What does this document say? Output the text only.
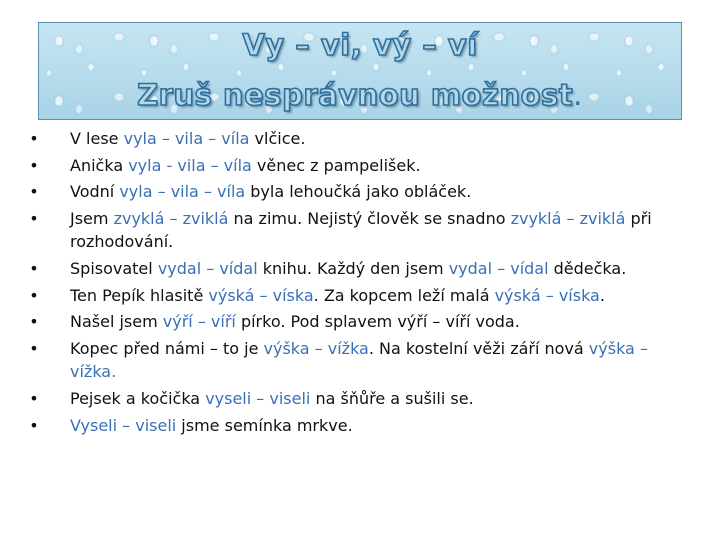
Vy – vi, vý – ví
Zruš nesprávnou možnost.
• V lese vyla – vila – víla vlčice.
• Anička vyla - vila – víla věnec z pampelišek.
• Vodní vyla – vila – víla byla lehoučká jako obláček.
• Jsem zvyklá – zviklá na zimu. Nejistý člověk se snadno zvyklá – zviklá při rozhodování.
• Spisovatel vydal – vídal knihu. Každý den jsem vydal – vídal dědečka.
• Ten Pepík hlasitě výská – víska. Za kopcem leží malá výská – víska.
• Našel jsem výří – víří pírko. Pod splavem výří – víří voda.
• Kopec před námi – to je výška – vížka. Na kostelní věži září nová výška – vížka.
• Pejsek a kočička vyseli – viseli na šňůře a sušili se.
• Vyseli – viseli jsme semínka mrkve.
